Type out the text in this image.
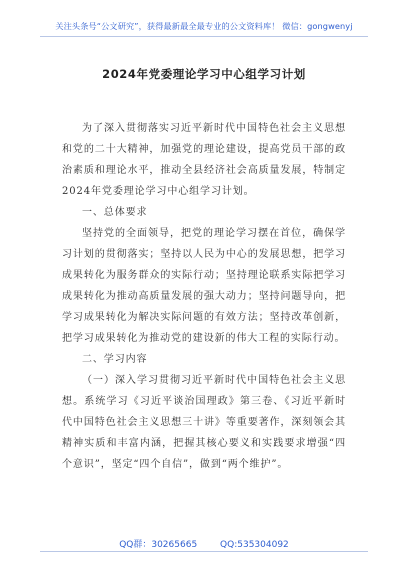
关注头条号“公文研究”，获得最新最全最专业的公文资料库！ 微信：gongwenyj
2024年党委理论学习中心组学习计划

为了深入贯彻落实习近平新时代中国特色社会主义思想和党的二十大精神，加强党的理论建设，提高党员干部的政治素质和理论水平，推动全县经济社会高质量发展，特制定2024年党委理论学习中心组学习计划。

一、总体要求

坚持党的全面领导，把党的理论学习摆在首位，确保学习计划的贯彻落实；坚持以人民为中心的发展思想，把学习成果转化为服务群众的实际行动；坚持理论联系实际把学习成果转化为推动高质量发展的强大动力；坚持问题导向，把学习成果转化为解决实际问题的有效方法；坚持改革创新，把学习成果转化为推动党的建设新的伟大工程的实际行动。

二、学习内容

（一）深入学习贯彻习近平新时代中国特色社会主义思想。系统学习《习近平谈治国理政》第三卷、《习近平新时代中国特色社会主义思想三十讲》等重要著作，深刻领会其精神实质和丰富内涵，把握其核心要义和实践要求增强“四个意识”，坚定“四个自信”，做到“两个维护”。

QQ群：30265665	QQ:535304092
